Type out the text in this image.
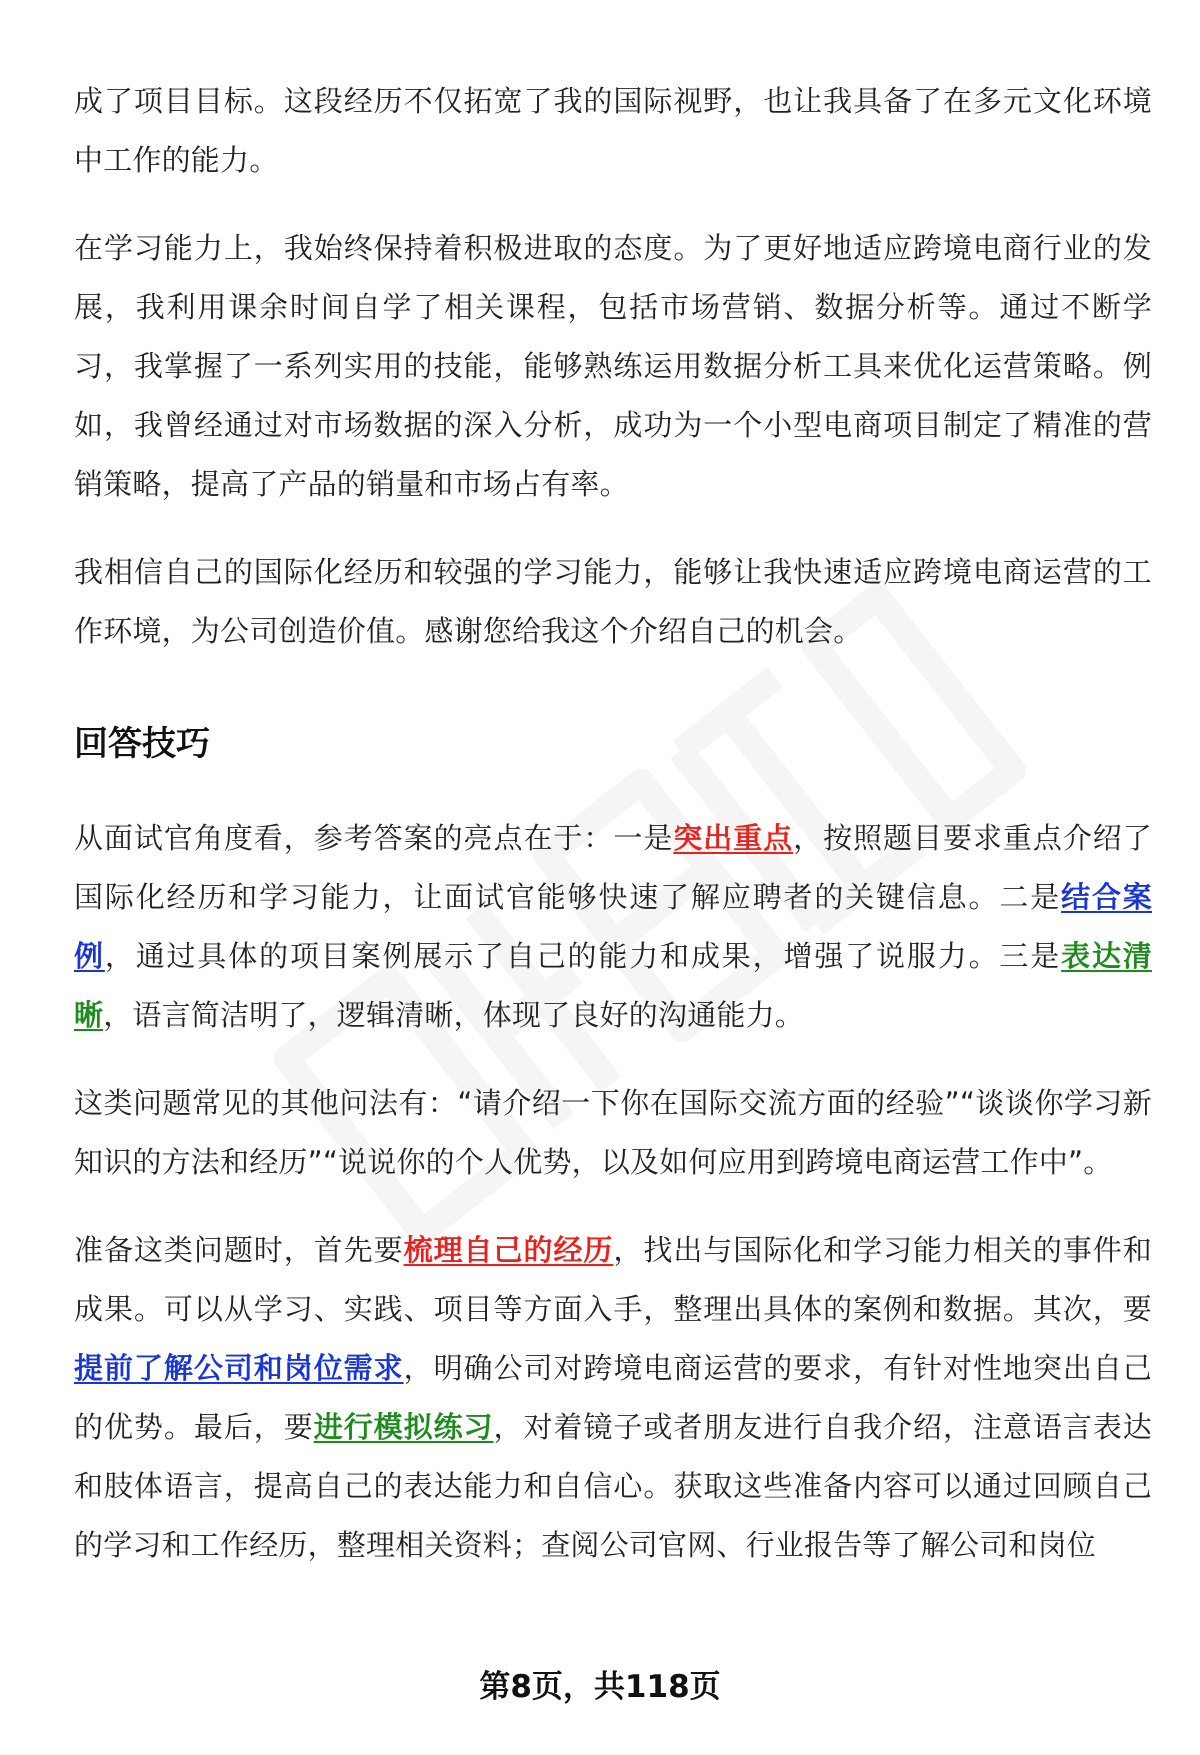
成了项目目标。这段经历不仅拓宽了我的国际视野，也让我具备了在多元文化环境中工作的能力。

在学习能力上，我始终保持着积极进取的态度。为了更好地适应跨境电商行业的发展，我利用课余时间自学了相关课程，包括市场营销、数据分析等。通过不断学习，我掌握了一系列实用的技能，能够熟练运用数据分析工具来优化运营策略。例如，我曾经通过对市场数据的深入分析，成功为一个小型电商项目制定了精准的营销策略，提高了产品的销量和市场占有率。

我相信自己的国际化经历和较强的学习能力，能够让我快速适应跨境电商运营的工作环境，为公司创造价值。感谢您给我这个介绍自己的机会。

回答技巧

从面试官角度看，参考答案的亮点在于：一是突出重点，按照题目要求重点介绍了国际化经历和学习能力，让面试官能够快速了解应聘者的关键信息。二是结合案例，通过具体的项目案例展示了自己的能力和成果，增强了说服力。三是表达清晰，语言简洁明了，逻辑清晰，体现了良好的沟通能力。

这类问题常见的其他问法有：“请介绍一下你在国际交流方面的经验”“谈谈你学习新知识的方法和经历”“说说你的个人优势，以及如何应用到跨境电商运营工作中”。

准备这类问题时，首先要梳理自己的经历，找出与国际化和学习能力相关的事件和成果。可以从学习、实践、项目等方面入手，整理出具体的案例和数据。其次，要提前了解公司和岗位需求，明确公司对跨境电商运营的要求，有针对性地突出自己的优势。最后，要进行模拟练习，对着镜子或者朋友进行自我介绍，注意语言表达和肢体语言，提高自己的表达能力和自信心。获取这些准备内容可以通过回顾自己的学习和工作经历，整理相关资料；查阅公司官网、行业报告等了解公司和岗位

第8页，共118页
